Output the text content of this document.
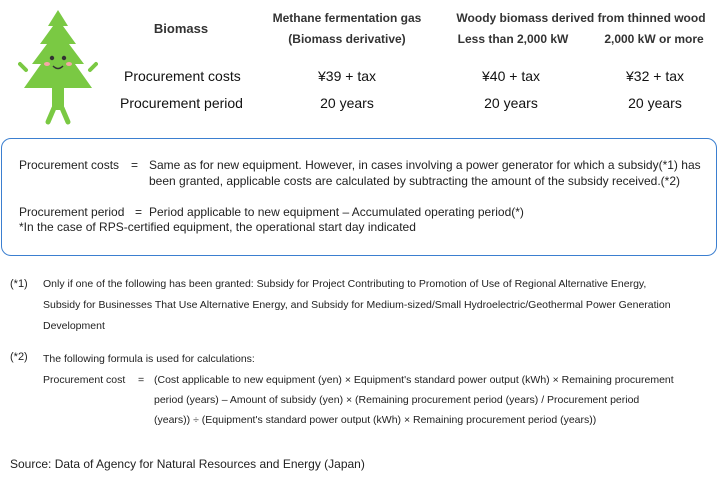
Biomass
Methane fermentation gas
(Biomass derivative)
Woody biomass derived from thinned wood
Less than 2,000 kW	2,000 kW or more
Procurement costs	¥39 + tax	¥40 + tax	¥32 + tax
Procurement period	20 years	20 years	20 years
Procurement costs = Same as for new equipment. However, in cases involving a power generator for which a subsidy(*1) has
been granted, applicable costs are calculated by subtracting the amount of the subsidy received.(*2)
Procurement period = Period applicable to new equipment – Accumulated operating period(*)
*In the case of RPS-certified equipment, the operational start day indicated
(*1) Only if one of the following has been granted: Subsidy for Project Contributing to Promotion of Use of Regional Alternative Energy,
Subsidy for Businesses That Use Alternative Energy, and Subsidy for Medium-sized/Small Hydroelectric/Geothermal Power Generation
Development
(*2) The following formula is used for calculations:
Procurement cost = (Cost applicable to new equipment (yen) × Equipment's standard power output (kWh) × Remaining procurement
period (years) – Amount of subsidy (yen) × (Remaining procurement period (years) / Procurement period
(years)) ÷ (Equipment's standard power output (kWh) × Remaining procurement period (years))
Source: Data of Agency for Natural Resources and Energy (Japan)
